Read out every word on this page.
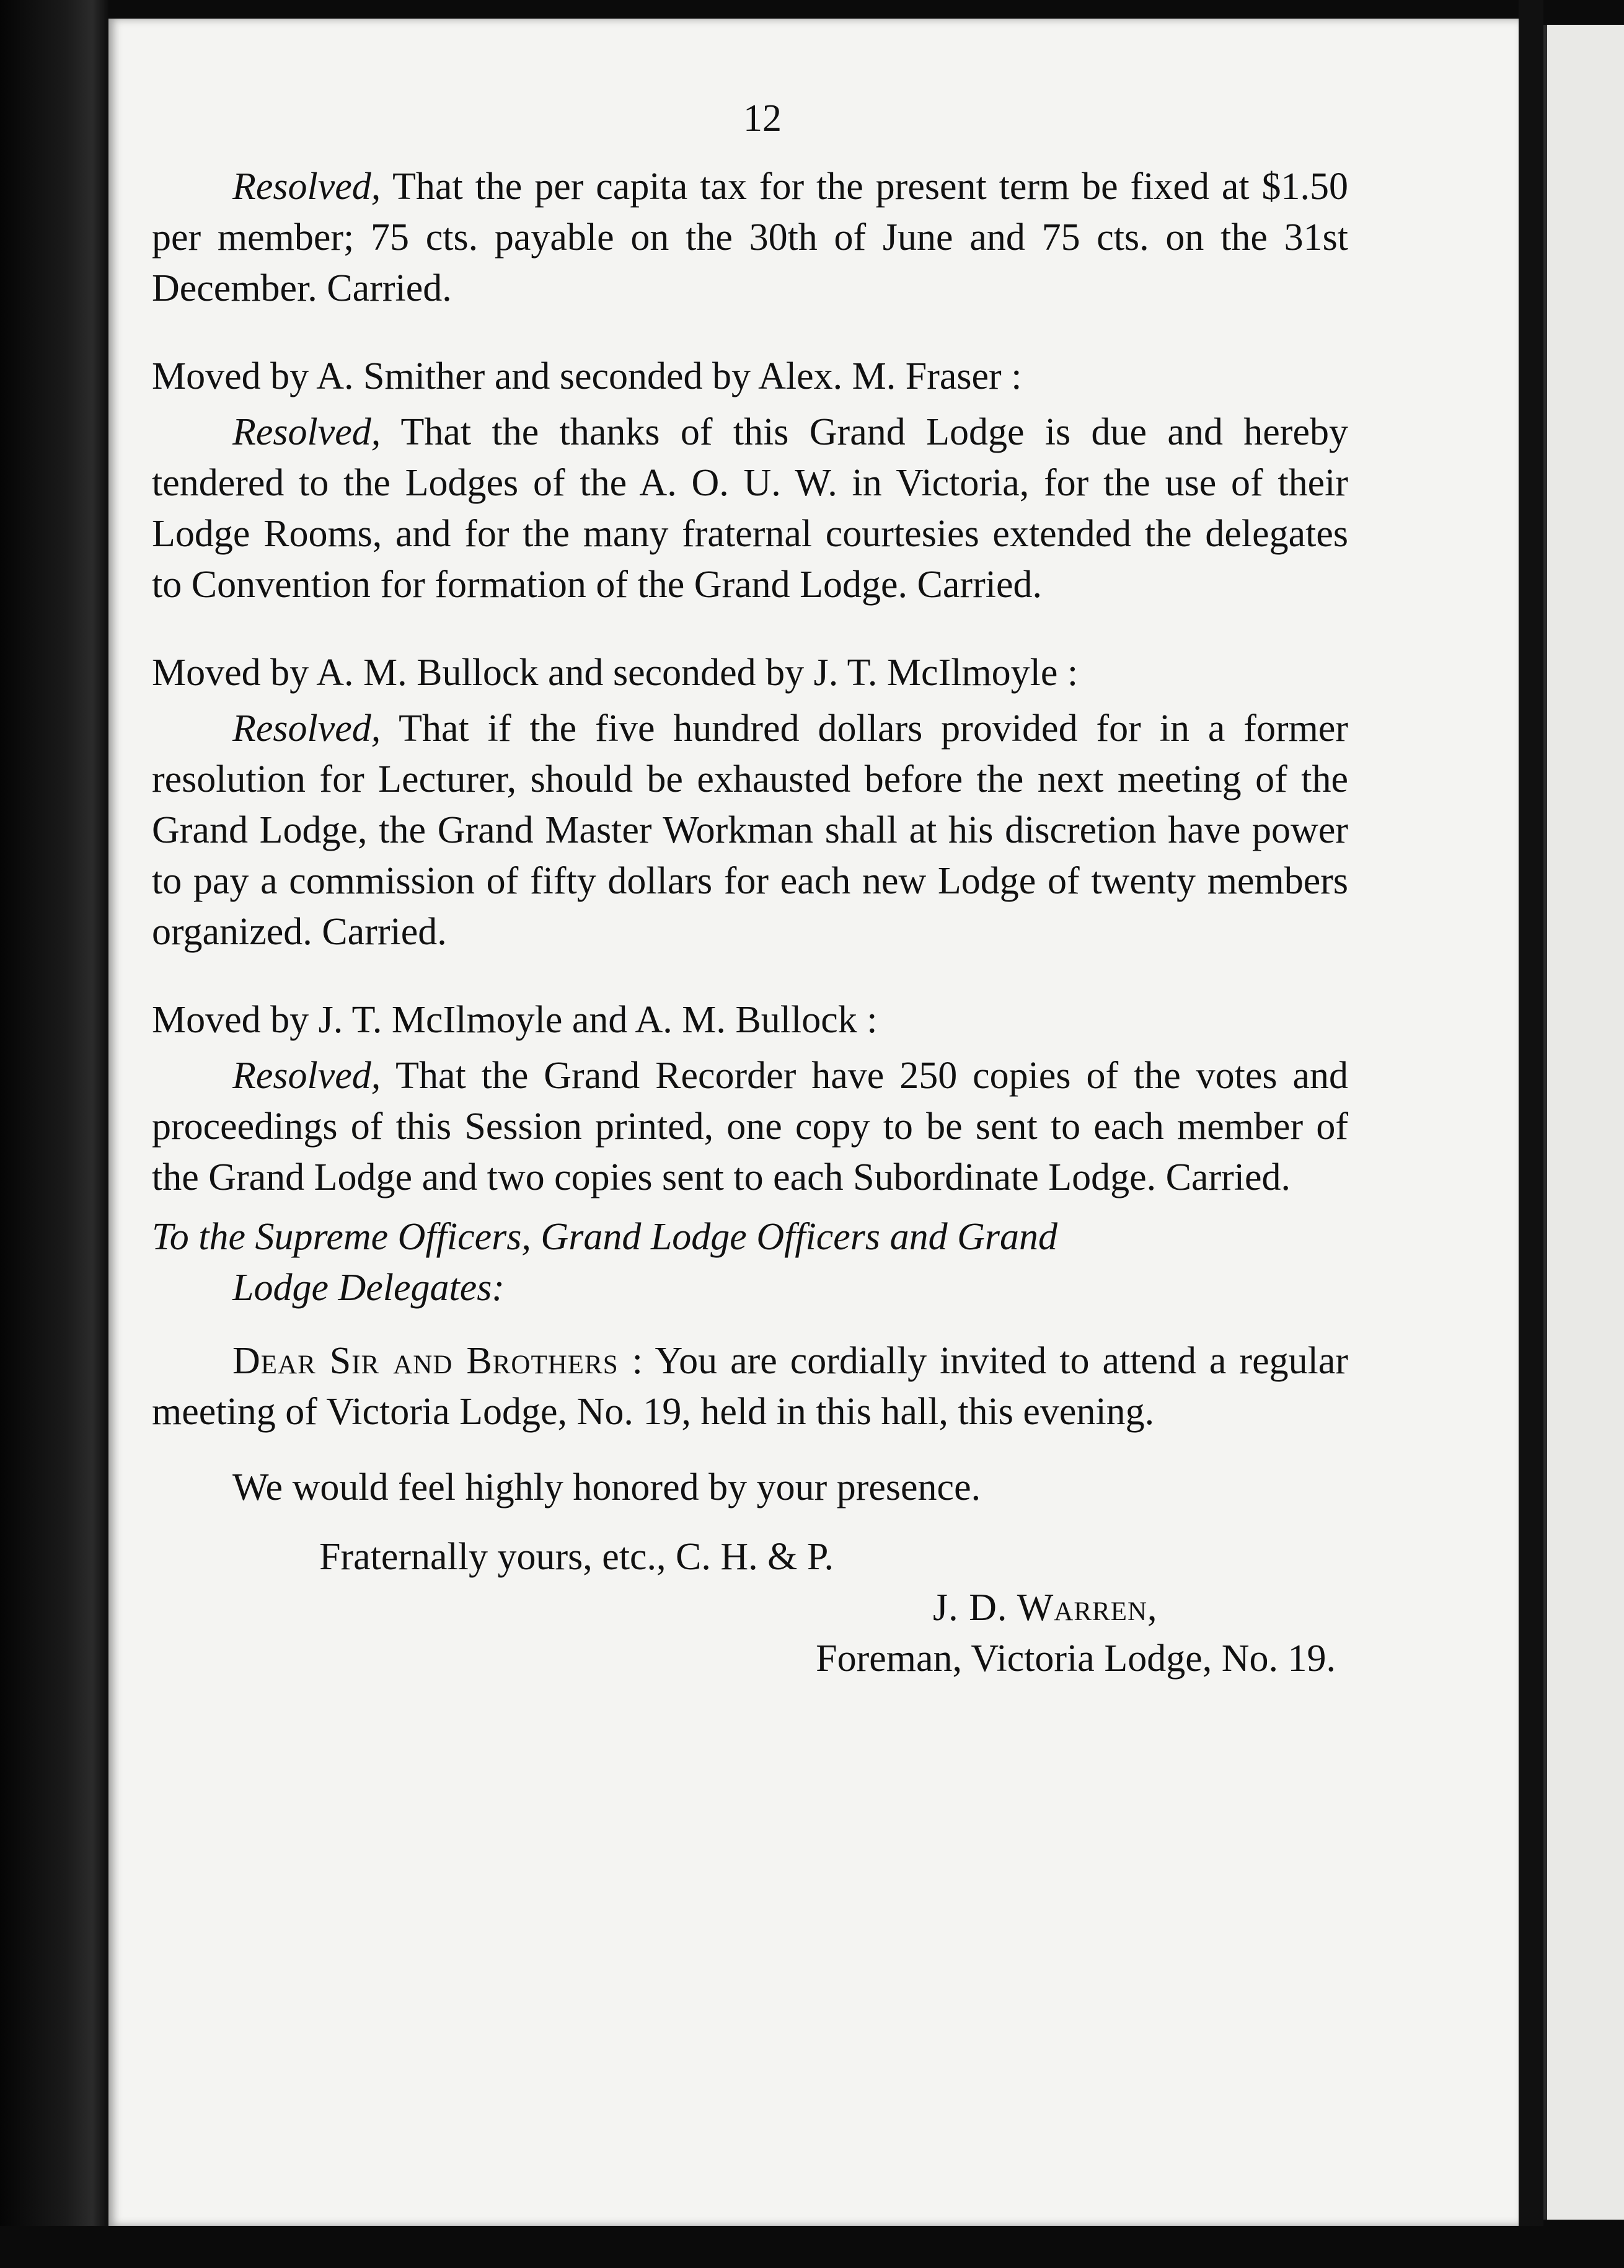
12

Resolved, That the per capita tax for the present term be fixed at $1.50 per member; 75 cts. payable on the 30th of June and 75 cts. on the 31st December. Carried.

Moved by A. Smither and seconded by Alex. M. Fraser :

Resolved, That the thanks of this Grand Lodge is due and hereby tendered to the Lodges of the A. O. U. W. in Victoria, for the use of their Lodge Rooms, and for the many fraternal courtesies extended the delegates to Convention for formation of the Grand Lodge. Carried.

Moved by A. M. Bullock and seconded by J. T. McIlmoyle :

Resolved, That if the five hundred dollars provided for in a former resolution for Lecturer, should be exhausted before the next meeting of the Grand Lodge, the Grand Master Workman shall at his discretion have power to pay a commission of fifty dollars for each new Lodge of twenty members organized. Carried.

Moved by J. T. McIlmoyle and A. M. Bullock :

Resolved, That the Grand Recorder have 250 copies of the votes and proceedings of this Session printed, one copy to be sent to each member of the Grand Lodge and two copies sent to each Subordinate Lodge. Carried.

To the Supreme Officers, Grand Lodge Officers and Grand
Lodge Delegates:

Dear Sir and Brothers : You are cordially invited to attend a regular meeting of Victoria Lodge, No. 19, held in this hall, this evening.

We would feel highly honored by your presence.

Fraternally yours, etc., C. H. & P.

J. D. Warren,

Foreman, Victoria Lodge, No. 19.
